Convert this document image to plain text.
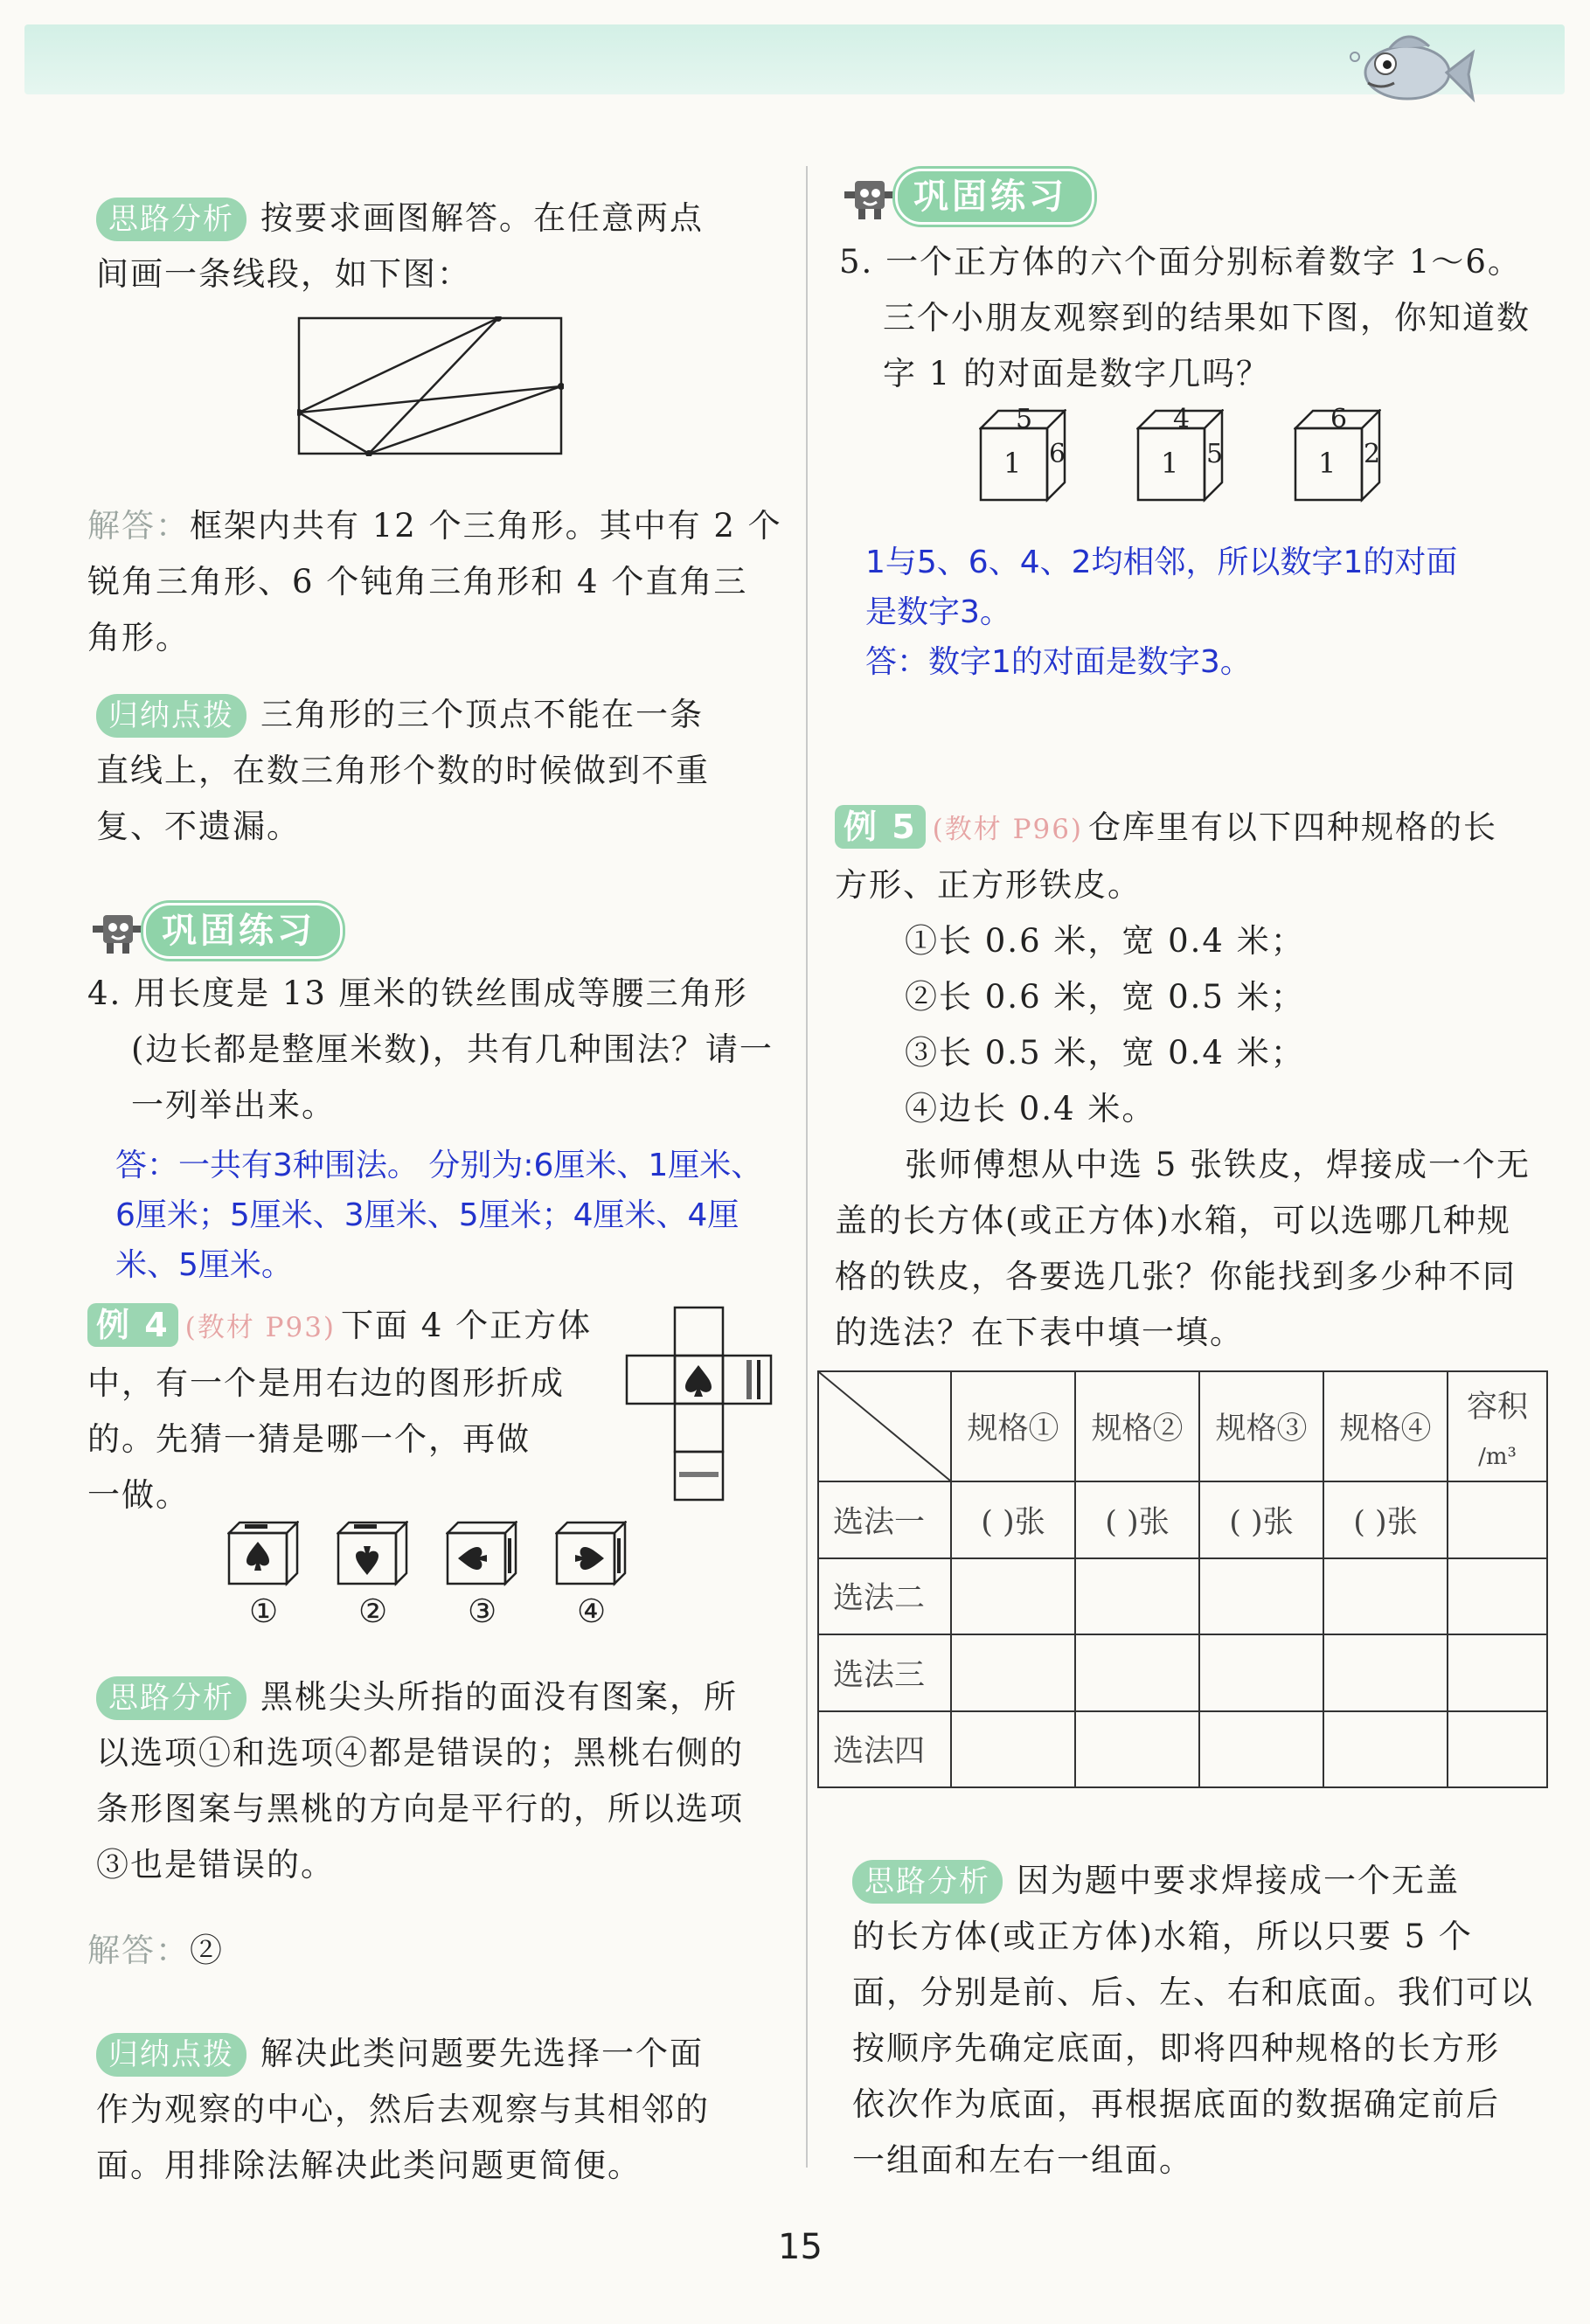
思路分析 按要求画图解答。在任意两点
间画一条线段，如下图：
解答：框架内共有 12 个三角形。其中有 2 个
锐角三角形、6 个钝角三角形和 4 个直角三
角形。
归纳点拨 三角形的三个顶点不能在一条
直线上，在数三角形个数的时候做到不重
复、不遗漏。
巩固练习
4. 用长度是 13 厘米的铁丝围成等腰三角形
(边长都是整厘米数)，共有几种围法？请一
一列举出来。
答：一共有3种围法。 分别为:6厘米、1厘米、
6厘米；5厘米、3厘米、5厘米；4厘米、4厘
米、5厘米。
例 4 (教材 P93) 下面 4 个正方体
中，有一个是用右边的图形折成
的。先猜一猜是哪一个，再做
一做。
① ② ③ ④
思路分析 黑桃尖头所指的面没有图案，所
以选项①和选项④都是错误的；黑桃右侧的
条形图案与黑桃的方向是平行的，所以选项
③也是错误的。
解答：②
归纳点拨 解决此类问题要先选择一个面
作为观察的中心，然后去观察与其相邻的
面。用排除法解决此类问题更简便。
巩固练习
5. 一个正方体的六个面分别标着数字 1～6。
三个小朋友观察到的结果如下图，你知道数
字 1 的对面是数字几吗？
5
1 6
4
1 5
6
1 2
1与5、6、4、2均相邻，所以数字1的对面
是数字3。
答：数字1的对面是数字3。
例 5 (教材 P96) 仓库里有以下四种规格的长
方形、正方形铁皮。
①长 0.6 米，宽 0.4 米；
②长 0.6 米，宽 0.5 米；
③长 0.5 米，宽 0.4 米；
④边长 0.4 米。
张师傅想从中选 5 张铁皮，焊接成一个无
盖的长方体(或正方体)水箱，可以选哪几种规
格的铁皮，各要选几张？你能找到多少种不同
的选法？在下表中填一填。
	规格①	规格②	规格③	规格④	容积
/m³

选法一	( )张	( )张	( )张	( )张	
选法二					
选法三					
选法四					
思路分析 因为题中要求焊接成一个无盖
的长方体(或正方体)水箱，所以只要 5 个
面，分别是前、后、左、右和底面。我们可以
按顺序先确定底面，即将四种规格的长方形
依次作为底面，再根据底面的数据确定前后
一组面和左右一组面。
15
